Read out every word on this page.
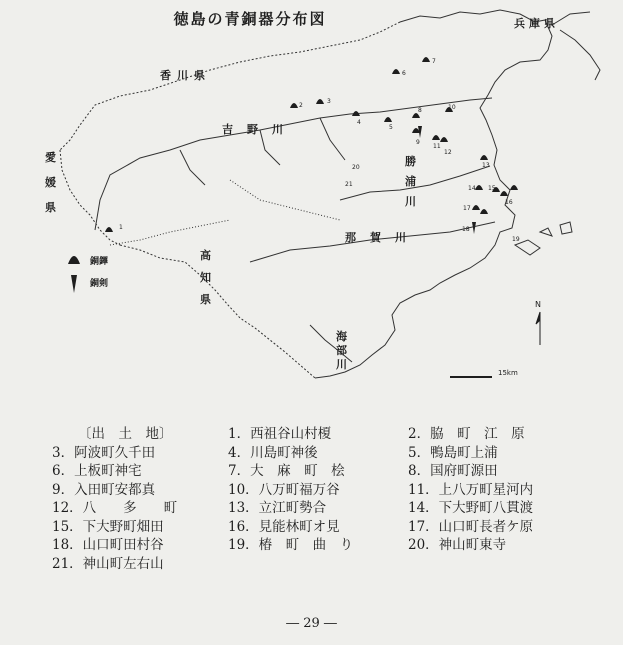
徳島の青銅器分布図	兵庫県
香川県
愛媛県
高知県
吉野川
勝浦川
那賀川
海部川
銅鐸
銅剣
15km
N
1
2
3
4
5
6
7
8
9
10
11
12
13
14 15
16
17
18
19
20
21
〔出　土　地〕	1．西祖谷山村榎	2．脇　町　江　原
3．阿波町久千田	4．川島町神後	5．鴨島町上浦
6．上板町神宅	7．大　麻　町　桧	8．国府町源田
9．入田町安都真	10．八万町福万谷	11．上八万町星河内
12．八　　多　　町	13．立江町勢合	14．下大野町八貫渡
15．下大野町畑田	16．見能林町オ見	17．山口町長者ケ原
18．山口町田村谷	19．椿　町　曲　り	20．神山町東寺
21．神山町左右山
― 29 ―
